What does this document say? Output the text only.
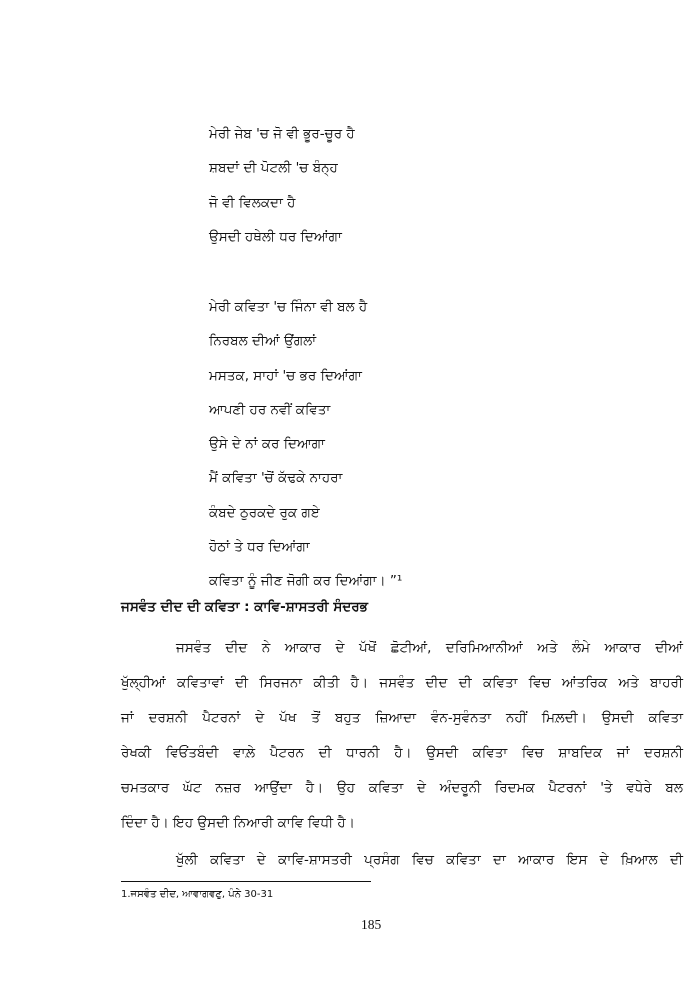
ਮੇਰੀ ਜੇਬ 'ਚ ਜੋ ਵੀ ਭੂਰ-ਚੂਰ ਹੈ
ਸ਼ਬਦਾਂ ਦੀ ਪੋਟਲੀ 'ਚ ਬੰਨ੍ਹ
ਜੋ ਵੀ ਵਿਲਕਦਾ ਹੈ
ਉਸਦੀ ਹਥੇਲੀ ਧਰ ਦਿਆਂਗਾ
ਮੇਰੀ ਕਵਿਤਾ 'ਚ ਜਿੰਨਾ ਵੀ ਬਲ ਹੈ
ਨਿਰਬਲ ਦੀਆਂ ਉਂਗਲਾਂ
ਮਸਤਕ, ਸਾਹਾਂ 'ਚ ਭਰ ਦਿਆਂਗਾ
ਆਪਣੀ ਹਰ ਨਵੀਂ ਕਵਿਤਾ
ਉਸੇ ਦੇ ਨਾਂ ਕਰ ਦਿਆਗਾ
ਮੈਂ ਕਵਿਤਾ 'ਚੋਂ ਕੱਢਕੇ ਨਾਹਰਾ
ਕੰਬਦੇ ਠੁਰਕਦੇ ਰੁਕ ਗਏ
ਹੋਠਾਂ ਤੇ ਧਰ ਦਿਆਂਗਾ
ਕਵਿਤਾ ਨੂੰ ਜੀਣ ਜੋਗੀ ਕਰ ਦਿਆਂਗਾ। ”¹
ਜਸਵੰਤ ਦੀਦ ਦੀ ਕਵਿਤਾ : ਕਾਵਿ-ਸ਼ਾਸਤਰੀ ਸੰਦਰਭ
ਜਸਵੰਤ ਦੀਦ ਨੇ ਆਕਾਰ ਦੇ ਪੱਖੋਂ ਛੋਟੀਆਂ, ਦਰਿਮਿਆਨੀਆਂ ਅਤੇ ਲੰਮੇ ਆਕਾਰ ਦੀਆਂ
ਖੁੱਲ੍ਹੀਆਂ ਕਵਿਤਾਵਾਂ ਦੀ ਸਿਰਜਨਾ ਕੀਤੀ ਹੈ। ਜਸਵੰਤ ਦੀਦ ਦੀ ਕਵਿਤਾ ਵਿਚ ਆਂਤਰਿਕ ਅਤੇ ਬਾਹਰੀ
ਜਾਂ ਦਰਸ਼ਨੀ ਪੈਟਰਨਾਂ ਦੇ ਪੱਖ ਤੋਂ ਬਹੁਤ ਜ਼ਿਆਦਾ ਵੰਨ-ਸੁਵੰਨਤਾ ਨਹੀਂ ਮਿਲ਼ਦੀ। ਉਸਦੀ ਕਵਿਤਾ
ਰੇਖਕੀ ਵਿਓਂਤਬੰਦੀ ਵਾਲ਼ੇ ਪੈਟਰਨ ਦੀ ਧਾਰਨੀ ਹੈ। ਉਸਦੀ ਕਵਿਤਾ ਵਿਚ ਸ਼ਾਬਦਿਕ ਜਾਂ ਦਰਸ਼ਨੀ
ਚਮਤਕਾਰ ਘੱਟ ਨਜ਼ਰ ਆਉਂਦਾ ਹੈ। ਉਹ ਕਵਿਤਾ ਦੇ ਅੰਦਰੂਨੀ ਰਿਦਮਕ ਪੈਟਰਨਾਂ 'ਤੇ ਵਧੇਰੇ ਬਲ
ਦਿੰਦਾ ਹੈ। ਇਹ ਉਸਦੀ ਨਿਆਰੀ ਕਾਵਿ ਵਿਧੀ ਹੈ।
ਖੁੱਲੀ ਕਵਿਤਾ ਦੇ ਕਾਵਿ-ਸ਼ਾਸਤਰੀ ਪ੍ਰਸੰਗ ਵਿਚ ਕਵਿਤਾ ਦਾ ਆਕਾਰ ਇਸ ਦੇ ਖ਼ਿਆਲ ਦੀ
1.ਜਸਵੰਤ ਦੀਦ, ਆਵਾਗਵਣੁ, ਪੰਨੇ 30-31
185
